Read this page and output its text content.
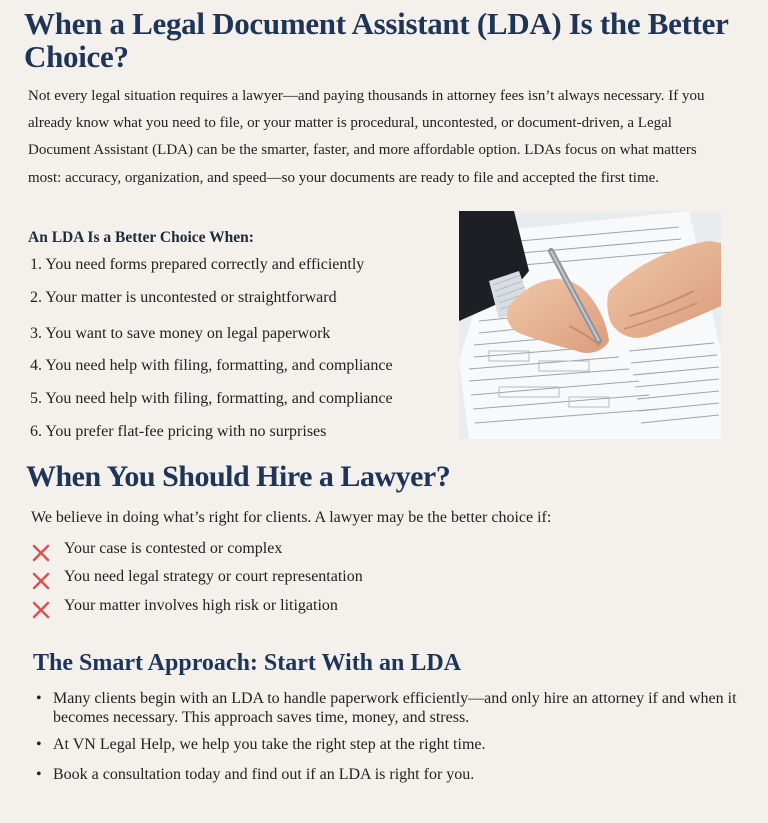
When a Legal Document Assistant (LDA) Is the Better Choice?

Not every legal situation requires a lawyer—and paying thousands in attorney fees isn’t always necessary. If you already know what you need to file, or your matter is procedural, uncontested, or document-driven, a Legal Document Assistant (LDA) can be the smarter, faster, and more affordable option. LDAs focus on what matters most: accuracy, organization, and speed—so your documents are ready to file and accepted the first time.

An LDA Is a Better Choice When:
1. You need forms prepared correctly and efficiently
2. Your matter is uncontested or straightforward
3. You want to save money on legal paperwork
4. You need help with filing, formatting, and compliance
5. You need help with filing, formatting, and compliance
6. You prefer flat-fee pricing with no surprises
When You Should Hire a Lawyer?

We believe in doing what’s right for clients. A lawyer may be the better choice if:

Your case is contested or complex
You need legal strategy or court representation
Your matter involves high risk or litigation
The Smart Approach: Start With an LDA
• Many clients begin with an LDA to handle paperwork efficiently—and only hire an attorney if and when it becomes necessary. This approach saves time, money, and stress.
• At VN Legal Help, we help you take the right step at the right time.
• Book a consultation today and find out if an LDA is right for you.
